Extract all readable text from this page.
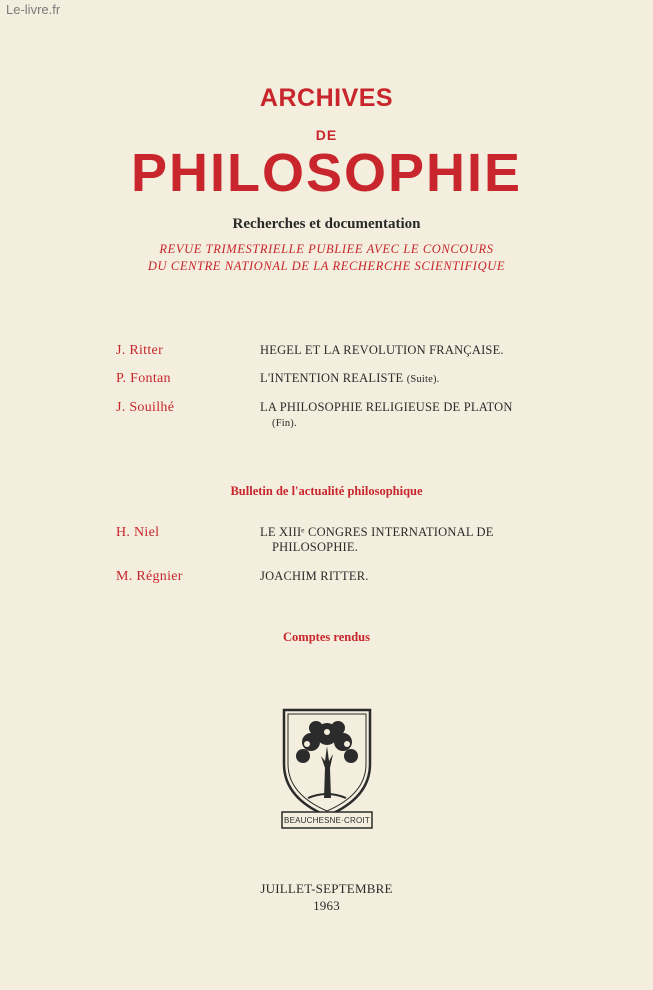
Le-livre.fr
ARCHIVES
DE
PHILOSOPHIE
Recherches et documentation
REVUE TRIMESTRIELLE PUBLIEE AVEC LE CONCOURS
DU CENTRE NATIONAL DE LA RECHERCHE SCIENTIFIQUE
J. Ritter	HEGEL ET LA REVOLUTION FRANÇAISE.
P. Fontan	L'INTENTION REALISTE (Suite).
J. Souilhé	LA PHILOSOPHIE RELIGIEUSE DE PLATON
(Fin).
Bulletin de l'actualité philosophique
H. Niel	LE XIIIᵉ CONGRES INTERNATIONAL DE
PHILOSOPHIE.
M. Régnier	JOACHIM RITTER.
Comptes rendus
BEAUCHESNE·CROIT
JUILLET-SEPTEMBRE
1963
